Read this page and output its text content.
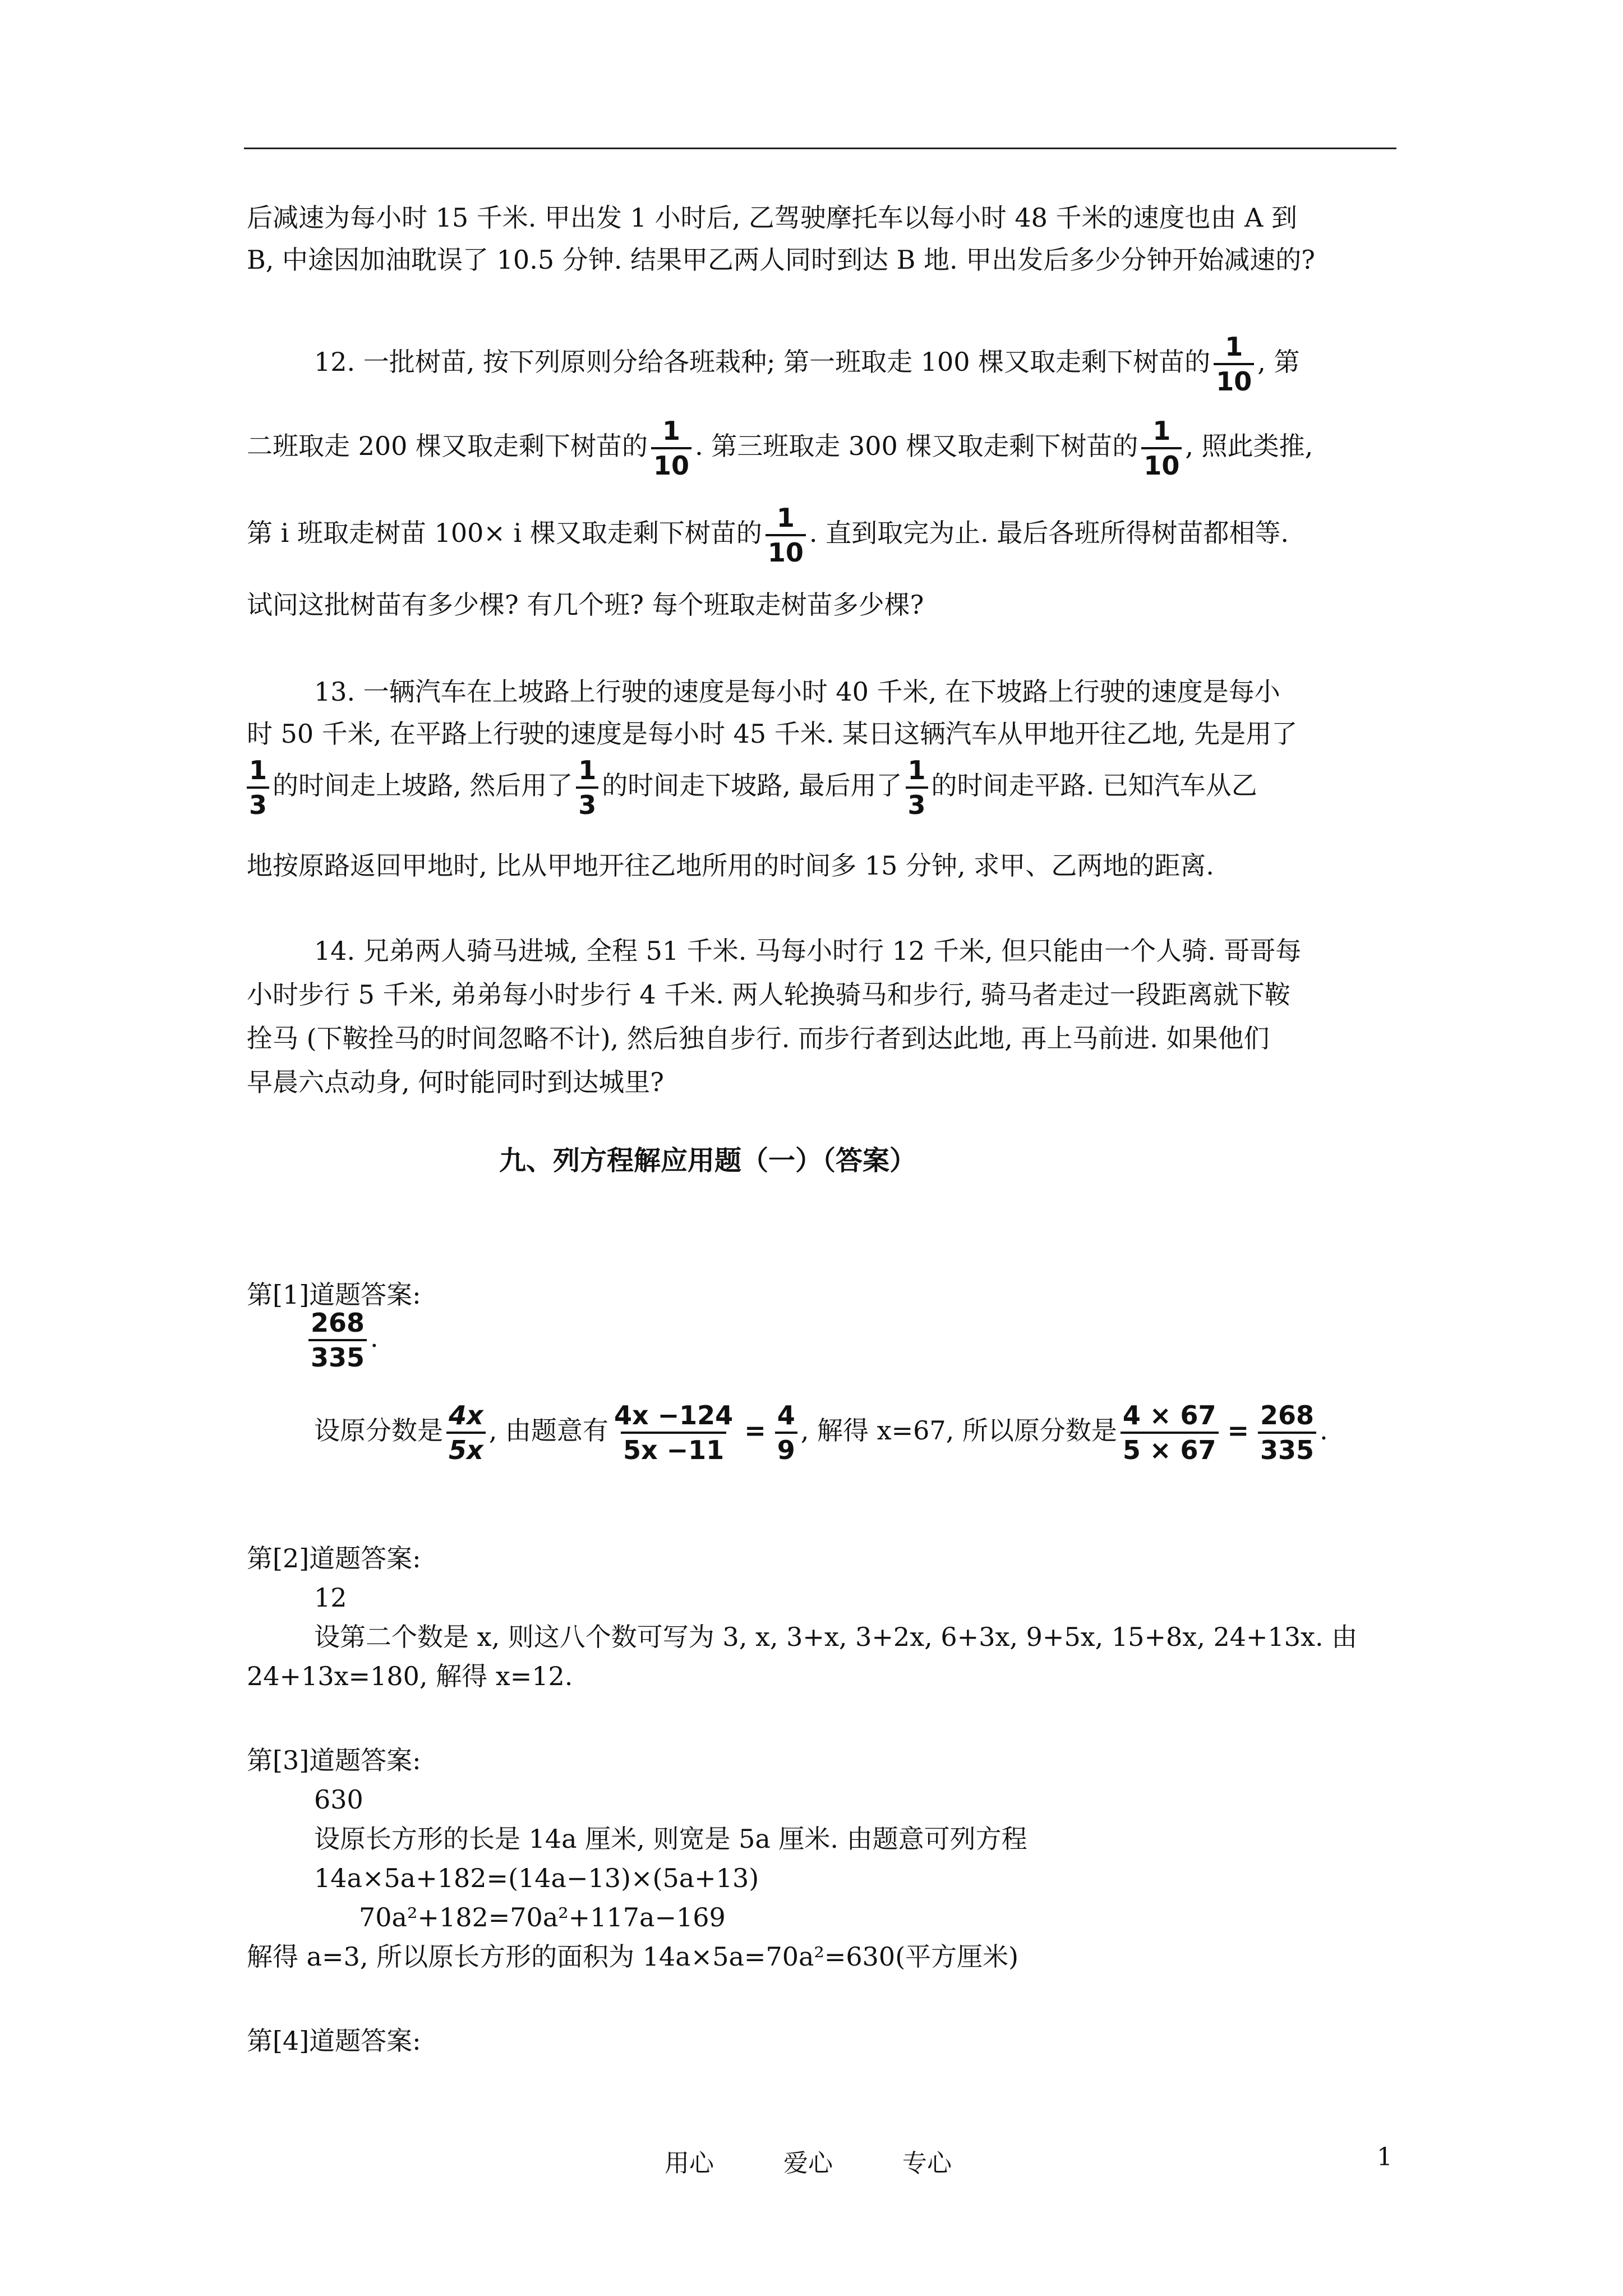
后减速为每小时 15 千米. 甲出发 1 小时后, 乙驾驶摩托车以每小时 48 千米的速度也由 A 到
B, 中途因加油耽误了 10.5 分钟. 结果甲乙两人同时到达 B 地. 甲出发后多少分钟开始减速的?
12. 一批树苗, 按下列原则分给各班栽种; 第一班取走 100 棵又取走剩下树苗的 $\frac{1}{10}$ , 第
二班取走 200 棵又取走剩下树苗的 $\frac{1}{10}$ . 第三班取走 300 棵又取走剩下树苗的 $\frac{1}{10}$ , 照此类推,
第 i 班取走树苗 100× i 棵又取走剩下树苗的 $\frac{1}{10}$ . 直到取完为止. 最后各班所得树苗都相等.
试问这批树苗有多少棵? 有几个班? 每个班取走树苗多少棵?
13. 一辆汽车在上坡路上行驶的速度是每小时 40 千米, 在下坡路上行驶的速度是每小
时 50 千米, 在平路上行驶的速度是每小时 45 千米. 某日这辆汽车从甲地开往乙地, 先是用了
$\frac{1}{3}$ 的时间走上坡路, 然后用了 $\frac{1}{3}$ 的时间走下坡路, 最后用了 $\frac{1}{3}$ 的时间走平路. 已知汽车从乙
地按原路返回甲地时, 比从甲地开往乙地所用的时间多 15 分钟, 求甲、乙两地的距离.
14. 兄弟两人骑马进城, 全程 51 千米. 马每小时行 12 千米, 但只能由一个人骑. 哥哥每
小时步行 5 千米, 弟弟每小时步行 4 千米. 两人轮换骑马和步行, 骑马者走过一段距离就下鞍
拴马 (下鞍拴马的时间忽略不计), 然后独自步行. 而步行者到达此地, 再上马前进. 如果他们
早晨六点动身, 何时能同时到达城里?
九、列方程解应用题（一）（答案）
第[1]道题答案:
$\frac{268}{335}$ .
设原分数是 $\frac{4x}{5x}$ , 由题意有 $\frac{4x -124}{5x -11} = \frac{4}{9}$ , 解得 x=67, 所以原分数是 $\frac{4 \times 67}{5 \times 67} = \frac{268}{335}$ .
第[2]道题答案:
12
设第二个数是 x, 则这八个数可写为 3, x, 3+x, 3+2x, 6+3x, 9+5x, 15+8x, 24+13x. 由
24+13x=180, 解得 x=12.
第[3]道题答案:
630
设原长方形的长是 14a 厘米, 则宽是 5a 厘米. 由题意可列方程
14a×5a+182=(14a−13)×(5a+13)
70a²+182=70a²+117a−169
解得 a=3, 所以原长方形的面积为 14a×5a=70a²=630(平方厘米)
第[4]道题答案:
用心	爱心	专心	1
